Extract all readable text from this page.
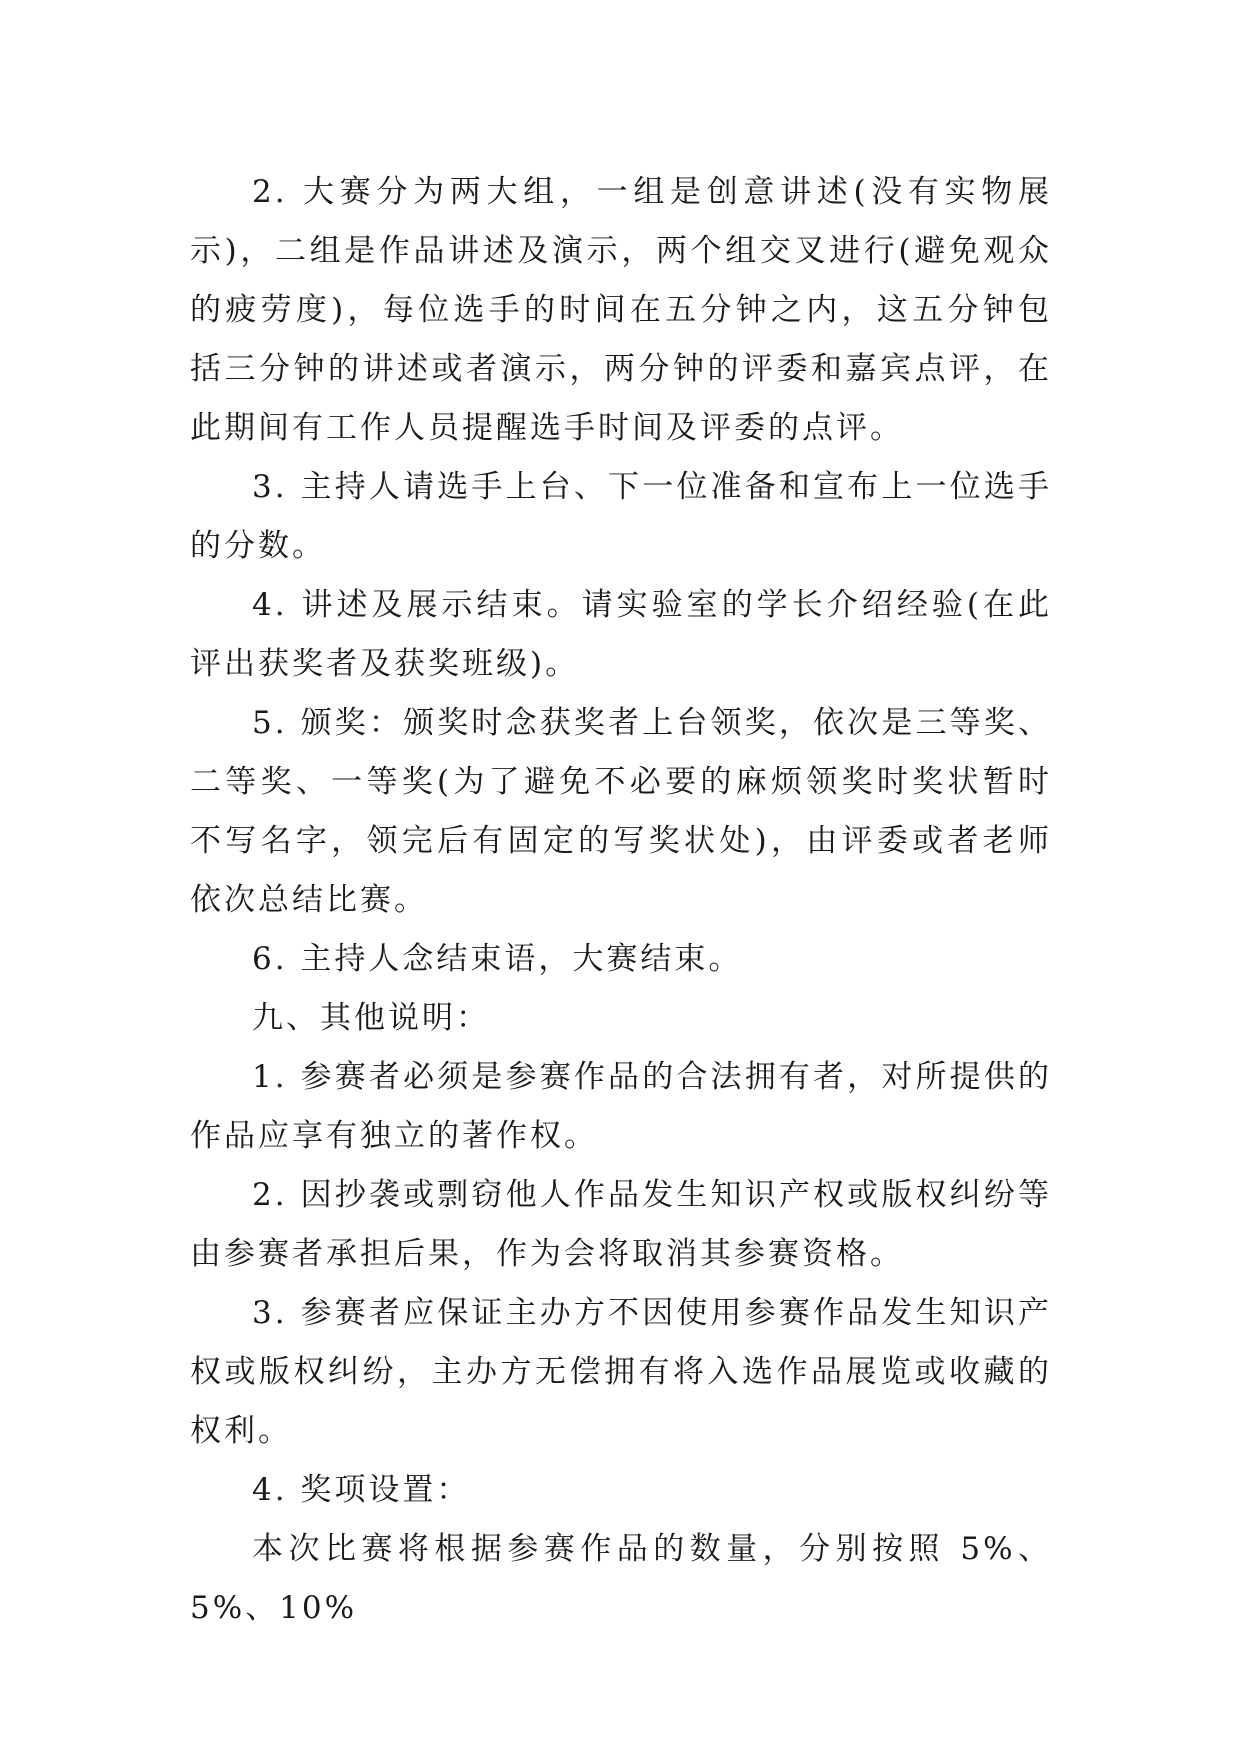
2. 大赛分为两大组，一组是创意讲述(没有实物展示)，二组是作品讲述及演示，两个组交叉进行(避免观众的疲劳度)，每位选手的时间在五分钟之内，这五分钟包括三分钟的讲述或者演示，两分钟的评委和嘉宾点评，在此期间有工作人员提醒选手时间及评委的点评。

3. 主持人请选手上台、下一位准备和宣布上一位选手的分数。

4. 讲述及展示结束。请实验室的学长介绍经验(在此评出获奖者及获奖班级)。

5. 颁奖：颁奖时念获奖者上台领奖，依次是三等奖、二等奖、一等奖(为了避免不必要的麻烦领奖时奖状暂时不写名字，领完后有固定的写奖状处)，由评委或者老师依次总结比赛。

6. 主持人念结束语，大赛结束。

九、其他说明：

1. 参赛者必须是参赛作品的合法拥有者，对所提供的作品应享有独立的著作权。

2. 因抄袭或剽窃他人作品发生知识产权或版权纠纷等由参赛者承担后果，作为会将取消其参赛资格。

3. 参赛者应保证主办方不因使用参赛作品发生知识产权或版权纠纷，主办方无偿拥有将入选作品展览或收藏的权利。

4. 奖项设置：

本次比赛将根据参赛作品的数量，分别按照 5%、5%、10%
